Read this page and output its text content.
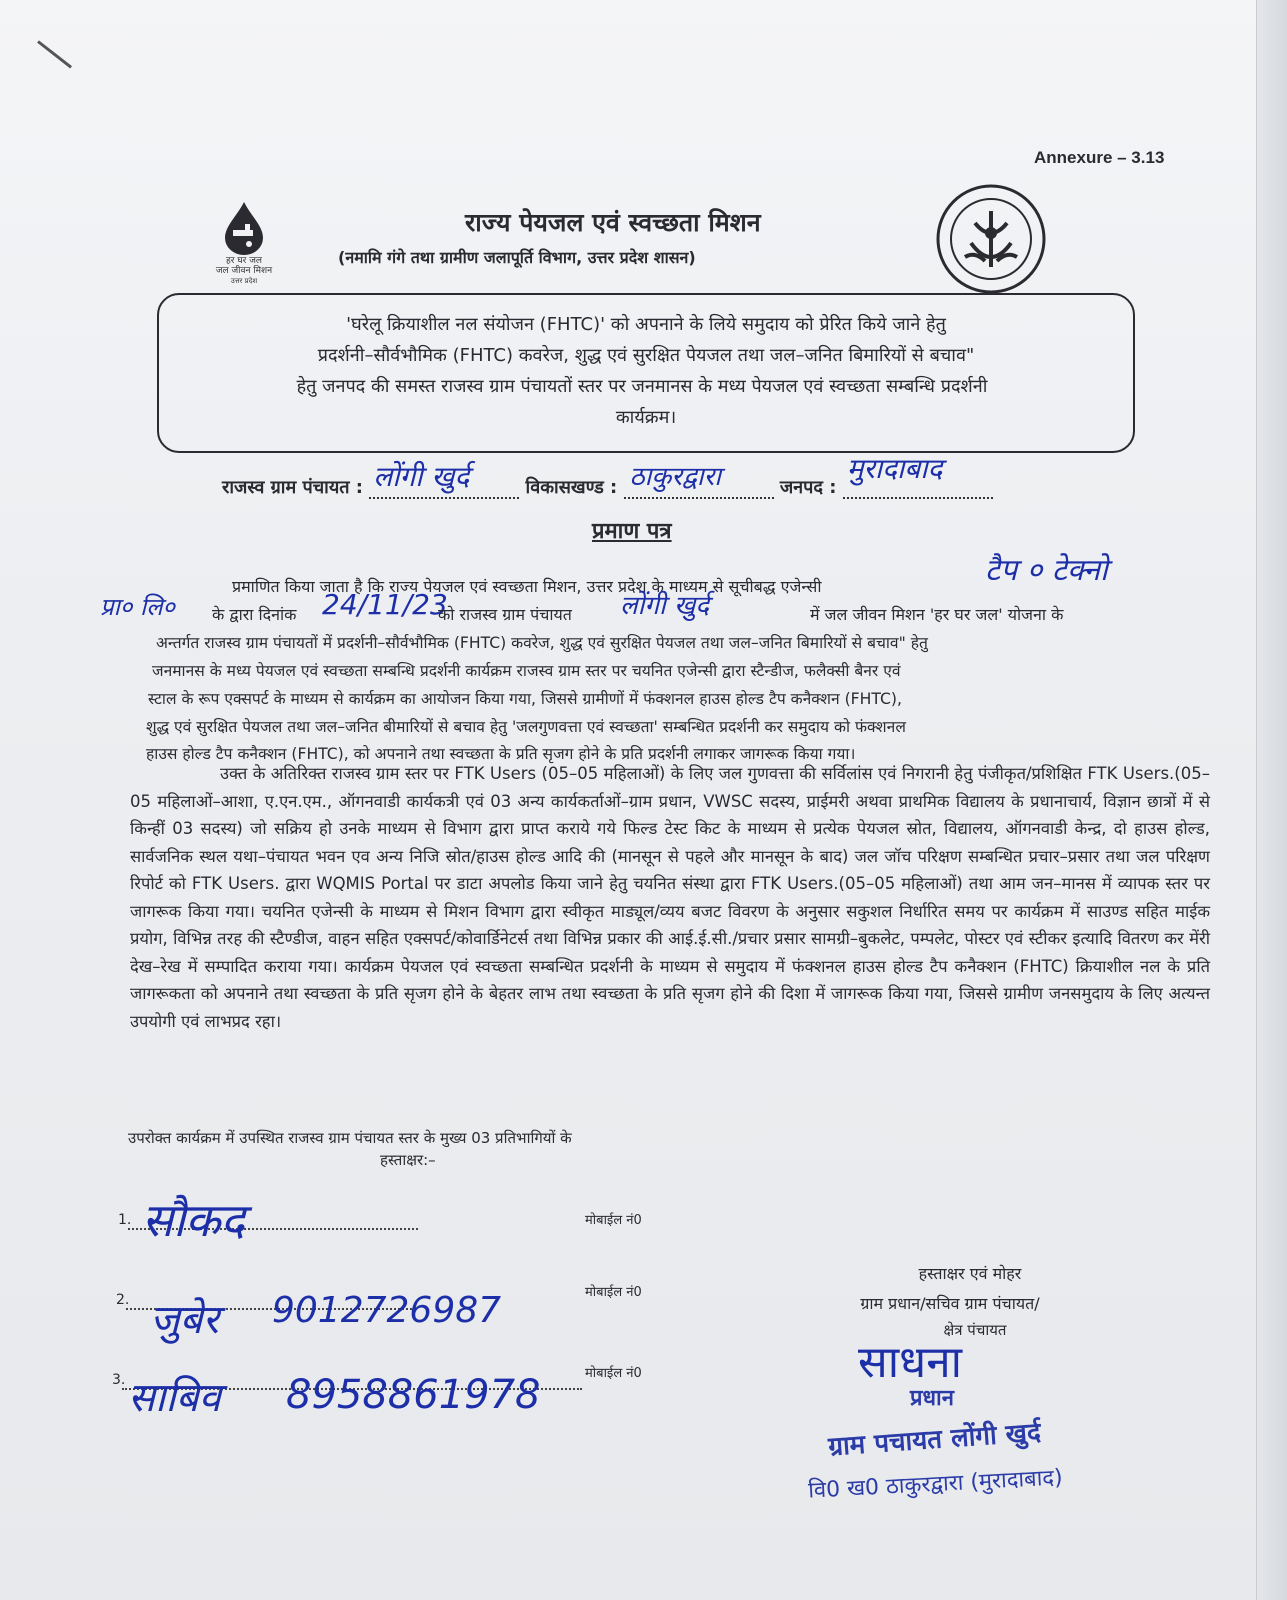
Annexure – 3.13
हर घर जल
जल जीवन मिशन
उत्तर प्रदेश
राज्य पेयजल एवं स्वच्छता मिशन
(नमामि गंगे तथा ग्रामीण जलापूर्ति विभाग, उत्तर प्रदेश शासन)
'घरेलू क्रियाशील नल संयोजन (FHTC)' को अपनाने के लिये समुदाय को प्रेरित किये जाने हेतु
प्रदर्शनी–सौर्वभौमिक (FHTC) कवरेज, शुद्ध एवं सुरक्षित पेयजल तथा जल–जनित बिमारियों से बचाव"
हेतु जनपद की समस्त राजस्व ग्राम पंचायतों स्तर पर जनमानस के मध्य पेयजल एवं स्वच्छता सम्बन्धि प्रदर्शनी
कार्यक्रम।
राजस्व ग्राम पंचायत : लोंगी खुर्द	विकासखण्ड : ठाकुरद्वारा	जनपद :
मुरादाबाद
प्रमाण पत्र
प्रमाणित किया जाता है कि राज्य पेयजल एवं स्वच्छता मिशन, उत्तर प्रदेश के माध्यम से सूचीबद्ध एजेन्सी	टैप ० टेक्नो
प्रा० लि० के द्वारा दिनांक 24/11/23
को राजस्व ग्राम पंचायत लोंगी खुर्द	में जल जीवन मिशन 'हर घर जल' योजना के
अन्तर्गत राजस्व ग्राम पंचायतों में प्रदर्शनी–सौर्वभौमिक (FHTC) कवरेज, शुद्ध एवं सुरक्षित पेयजल तथा जल–जनित बिमारियों से बचाव" हेतु
जनमानस के मध्य पेयजल एवं स्वच्छता सम्बन्धि प्रदर्शनी कार्यक्रम राजस्व ग्राम स्तर पर चयनित एजेन्सी द्वारा स्टैन्डीज, फलैक्सी बैनर एवं
स्टाल के रूप एक्सपर्ट के माध्यम से कार्यक्रम का आयोजन किया गया, जिससे ग्रामीणों में फंक्शनल हाउस होल्ड टैप कनैक्शन (FHTC),
शुद्ध एवं सुरक्षित पेयजल तथा जल–जनित बीमारियों से बचाव हेतु 'जलगुणवत्ता एवं स्वच्छता' सम्बन्धित प्रदर्शनी कर समुदाय को फंक्शनल
हाउस होल्ड टैप कनैक्शन (FHTC), को अपनाने तथा स्वच्छता के प्रति सृजग होने के प्रति प्रदर्शनी लगाकर जागरूक किया गया।
उक्त के अतिरिक्त राजस्व ग्राम स्तर पर FTK Users (05–05 महिलाओं) के लिए जल गुणवत्ता की सर्विलांस एवं निगरानी हेतु पंजीकृत/प्रशिक्षित FTK Users.(05–05 महिलाओं–आशा, ए.एन.एम., ऑगनवाडी कार्यकत्री एवं 03 अन्य कार्यकर्ताओं–ग्राम प्रधान, VWSC सदस्य, प्राईमरी अथवा प्राथमिक विद्यालय के प्रधानाचार्य, विज्ञान छात्रों में से किन्हीं 03 सदस्य) जो सक्रिय हो उनके माध्यम से विभाग द्वारा प्राप्त कराये गये फिल्ड टेस्ट किट के माध्यम से प्रत्येक पेयजल स्रोत, विद्यालय, ऑगनवाडी केन्द्र, दो हाउस होल्ड, सार्वजनिक स्थल यथा–पंचायत भवन एव अन्य निजि स्रोत/हाउस होल्ड आदि की (मानसून से पहले और मानसून के बाद) जल जॉच परिक्षण सम्बन्धित प्रचार–प्रसार तथा जल परिक्षण रिपोर्ट को FTK Users. द्वारा WQMIS Portal पर डाटा अपलोड किया जाने हेतु चयनित संस्था द्वारा FTK Users.(05–05 महिलाओं) तथा आम जन–मानस में व्यापक स्तर पर जागरूक किया गया। चयनित एजेन्सी के माध्यम से मिशन विभाग द्वारा स्वीकृत माड्यूल/व्यय बजट विवरण के अनुसार सकुशल निर्धारित समय पर कार्यक्रम में साउण्ड सहित माईक प्रयोग, विभिन्न तरह की स्टैण्डीज, वाहन सहित एक्सपर्ट/कोवार्डिनेटर्स तथा विभिन्न प्रकार की आई.ई.सी./प्रचार प्रसार सामग्री–बुकलेट, पम्पलेट, पोस्टर एवं स्टीकर इत्यादि वितरण कर मेंरी देख–रेख में सम्पादित कराया गया। कार्यक्रम पेयजल एवं स्वच्छता सम्बन्धित प्रदर्शनी के माध्यम से समुदाय में फंक्शनल हाउस होल्ड टैप कनैक्शन (FHTC) क्रियाशील नल के प्रति जागरूकता को अपनाने तथा स्वच्छता के प्रति सृजग होने के बेहतर लाभ तथा स्वच्छता के प्रति सृजग होने की दिशा में जागरूक किया गया, जिससे ग्रामीण जनसमुदाय के लिए अत्यन्त उपयोगी एवं लाभप्रद रहा।
उपरोक्त कार्यक्रम में उपस्थित राजस्व ग्राम पंचायत स्तर के मुख्य 03 प्रतिभागियों के
हस्ताक्षर:–
1. सौकद	मोबाईल नं0
2. जुबेर 9012726987	मोबाईल नं0
3. साबिव 8958861978	मोबाईल नं0
हस्ताक्षर एवं मोहर
ग्राम प्रधान/सचिव ग्राम पंचायत/
क्षेत्र पंचायत
साधना
प्रधान
ग्राम पचायत लोंगी खुर्द
वि0 ख0 ठाकुरद्वारा (मुरादाबाद)
